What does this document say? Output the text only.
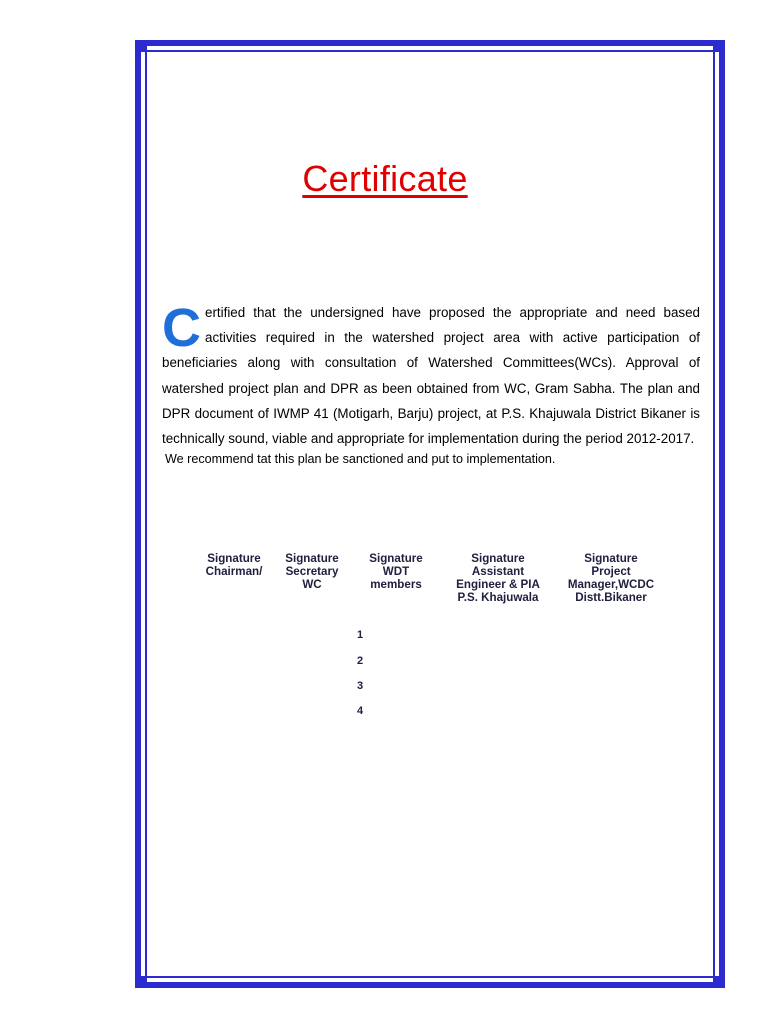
Certificate
Certified that the undersigned have proposed the appropriate and need based activities required in the watershed project area with active participation of beneficiaries along with consultation of Watershed Committees(WCs). Approval of watershed project plan and DPR as been obtained from WC, Gram Sabha. The plan and DPR document of IWMP 41 (Motigarh, Barju) project, at P.S. Khajuwala District Bikaner is technically sound, viable and appropriate for implementation during the period 2012-2017.
We recommend tat this plan be sanctioned and put to implementation.
Signature
Chairman/
Signature
Secretary
WC
Signature
WDT
members
Signature
Assistant
Engineer & PIA
P.S. Khajuwala
Signature
Project
Manager,WCDC
Distt.Bikaner
1
2
3
4
